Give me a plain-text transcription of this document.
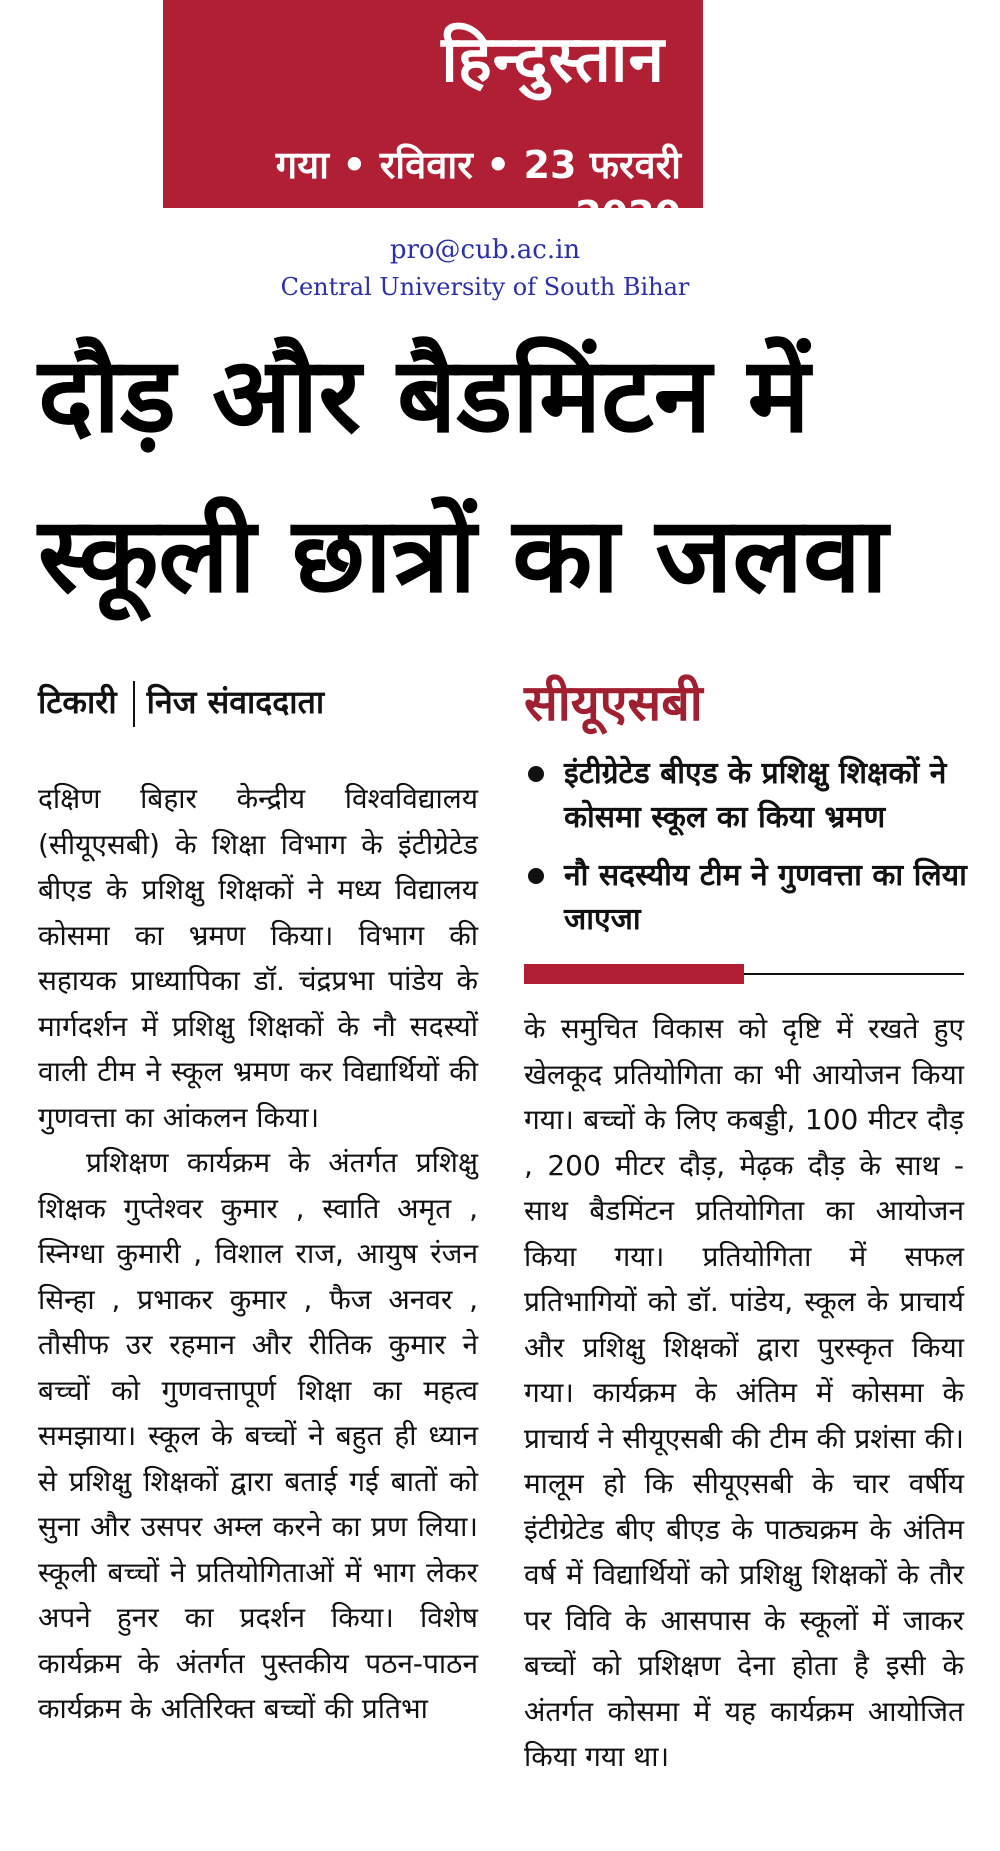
हिन्दुस्तान
गया • रविवार • 23 फरवरी 2020
pro@cub.ac.in
Central University of South Bihar
दौड़ और बैडमिंटन में
स्कूली छात्रों का जलवा
टिकारी निज संवाददाता	सीयूएसबी
इंटीग्रेटेड बीएड के प्रशिक्षु शिक्षकों ने कोसमा स्कूल का किया भ्रमण
नौ सदस्यीय टीम ने गुणवत्ता का लिया जाएजा

दक्षिण बिहार केन्द्रीय विश्वविद्यालय (सीयूएसबी) के शिक्षा विभाग के इंटीग्रेटेड बीएड के प्रशिक्षु शिक्षकों ने मध्य विद्यालय कोसमा का भ्रमण किया। विभाग की सहायक प्राध्यापिका डॉ. चंद्रप्रभा पांडेय के मार्गदर्शन में प्रशिक्षु शिक्षकों के नौ सदस्यों वाली टीम ने स्कूल भ्रमण कर विद्यार्थियों की गुणवत्ता का आंकलन किया।

प्रशिक्षण कार्यक्रम के अंतर्गत प्रशिक्षु शिक्षक गुप्तेश्वर कुमार , स्वाति अमृत , स्निग्धा कुमारी , विशाल राज, आयुष रंजन सिन्हा , प्रभाकर कुमार , फैज अनवर , तौसीफ उर रहमान और रीतिक कुमार ने बच्चों को गुणवत्तापूर्ण शिक्षा का महत्व समझाया। स्कूल के बच्चों ने बहुत ही ध्यान से प्रशिक्षु शिक्षकों द्वारा बताई गई बातों को सुना और उसपर अम्ल करने का प्रण लिया। स्कूली बच्चों ने प्रतियोगिताओं में भाग लेकर अपने हुनर का प्रदर्शन किया। विशेष कार्यक्रम के अंतर्गत पुस्तकीय पठन-पाठन कार्यक्रम के अतिरिक्त बच्चों की प्रतिभा

के समुचित विकास को दृष्टि में रखते हुए खेलकूद प्रतियोगिता का भी आयोजन किया गया। बच्चों के लिए कबड्डी, 100 मीटर दौड़ , 200 मीटर दौड़, मेढ़क दौड़ के साथ - साथ बैडमिंटन प्रतियोगिता का आयोजन किया गया। प्रतियोगिता में सफल प्रतिभागियों को डॉ. पांडेय, स्कूल के प्राचार्य और प्रशिक्षु शिक्षकों द्वारा पुरस्कृत किया गया। कार्यक्रम के अंतिम में कोसमा के प्राचार्य ने सीयूएसबी की टीम की प्रशंसा की। मालूम हो कि सीयूएसबी के चार वर्षीय इंटीग्रेटेड बीए बीएड के पाठ्यक्रम के अंतिम वर्ष में विद्यार्थियों को प्रशिक्षु शिक्षकों के तौर पर विवि के आसपास के स्कूलों में जाकर बच्चों को प्रशिक्षण देना होता है इसी के अंतर्गत कोसमा में यह कार्यक्रम आयोजित किया गया था।
